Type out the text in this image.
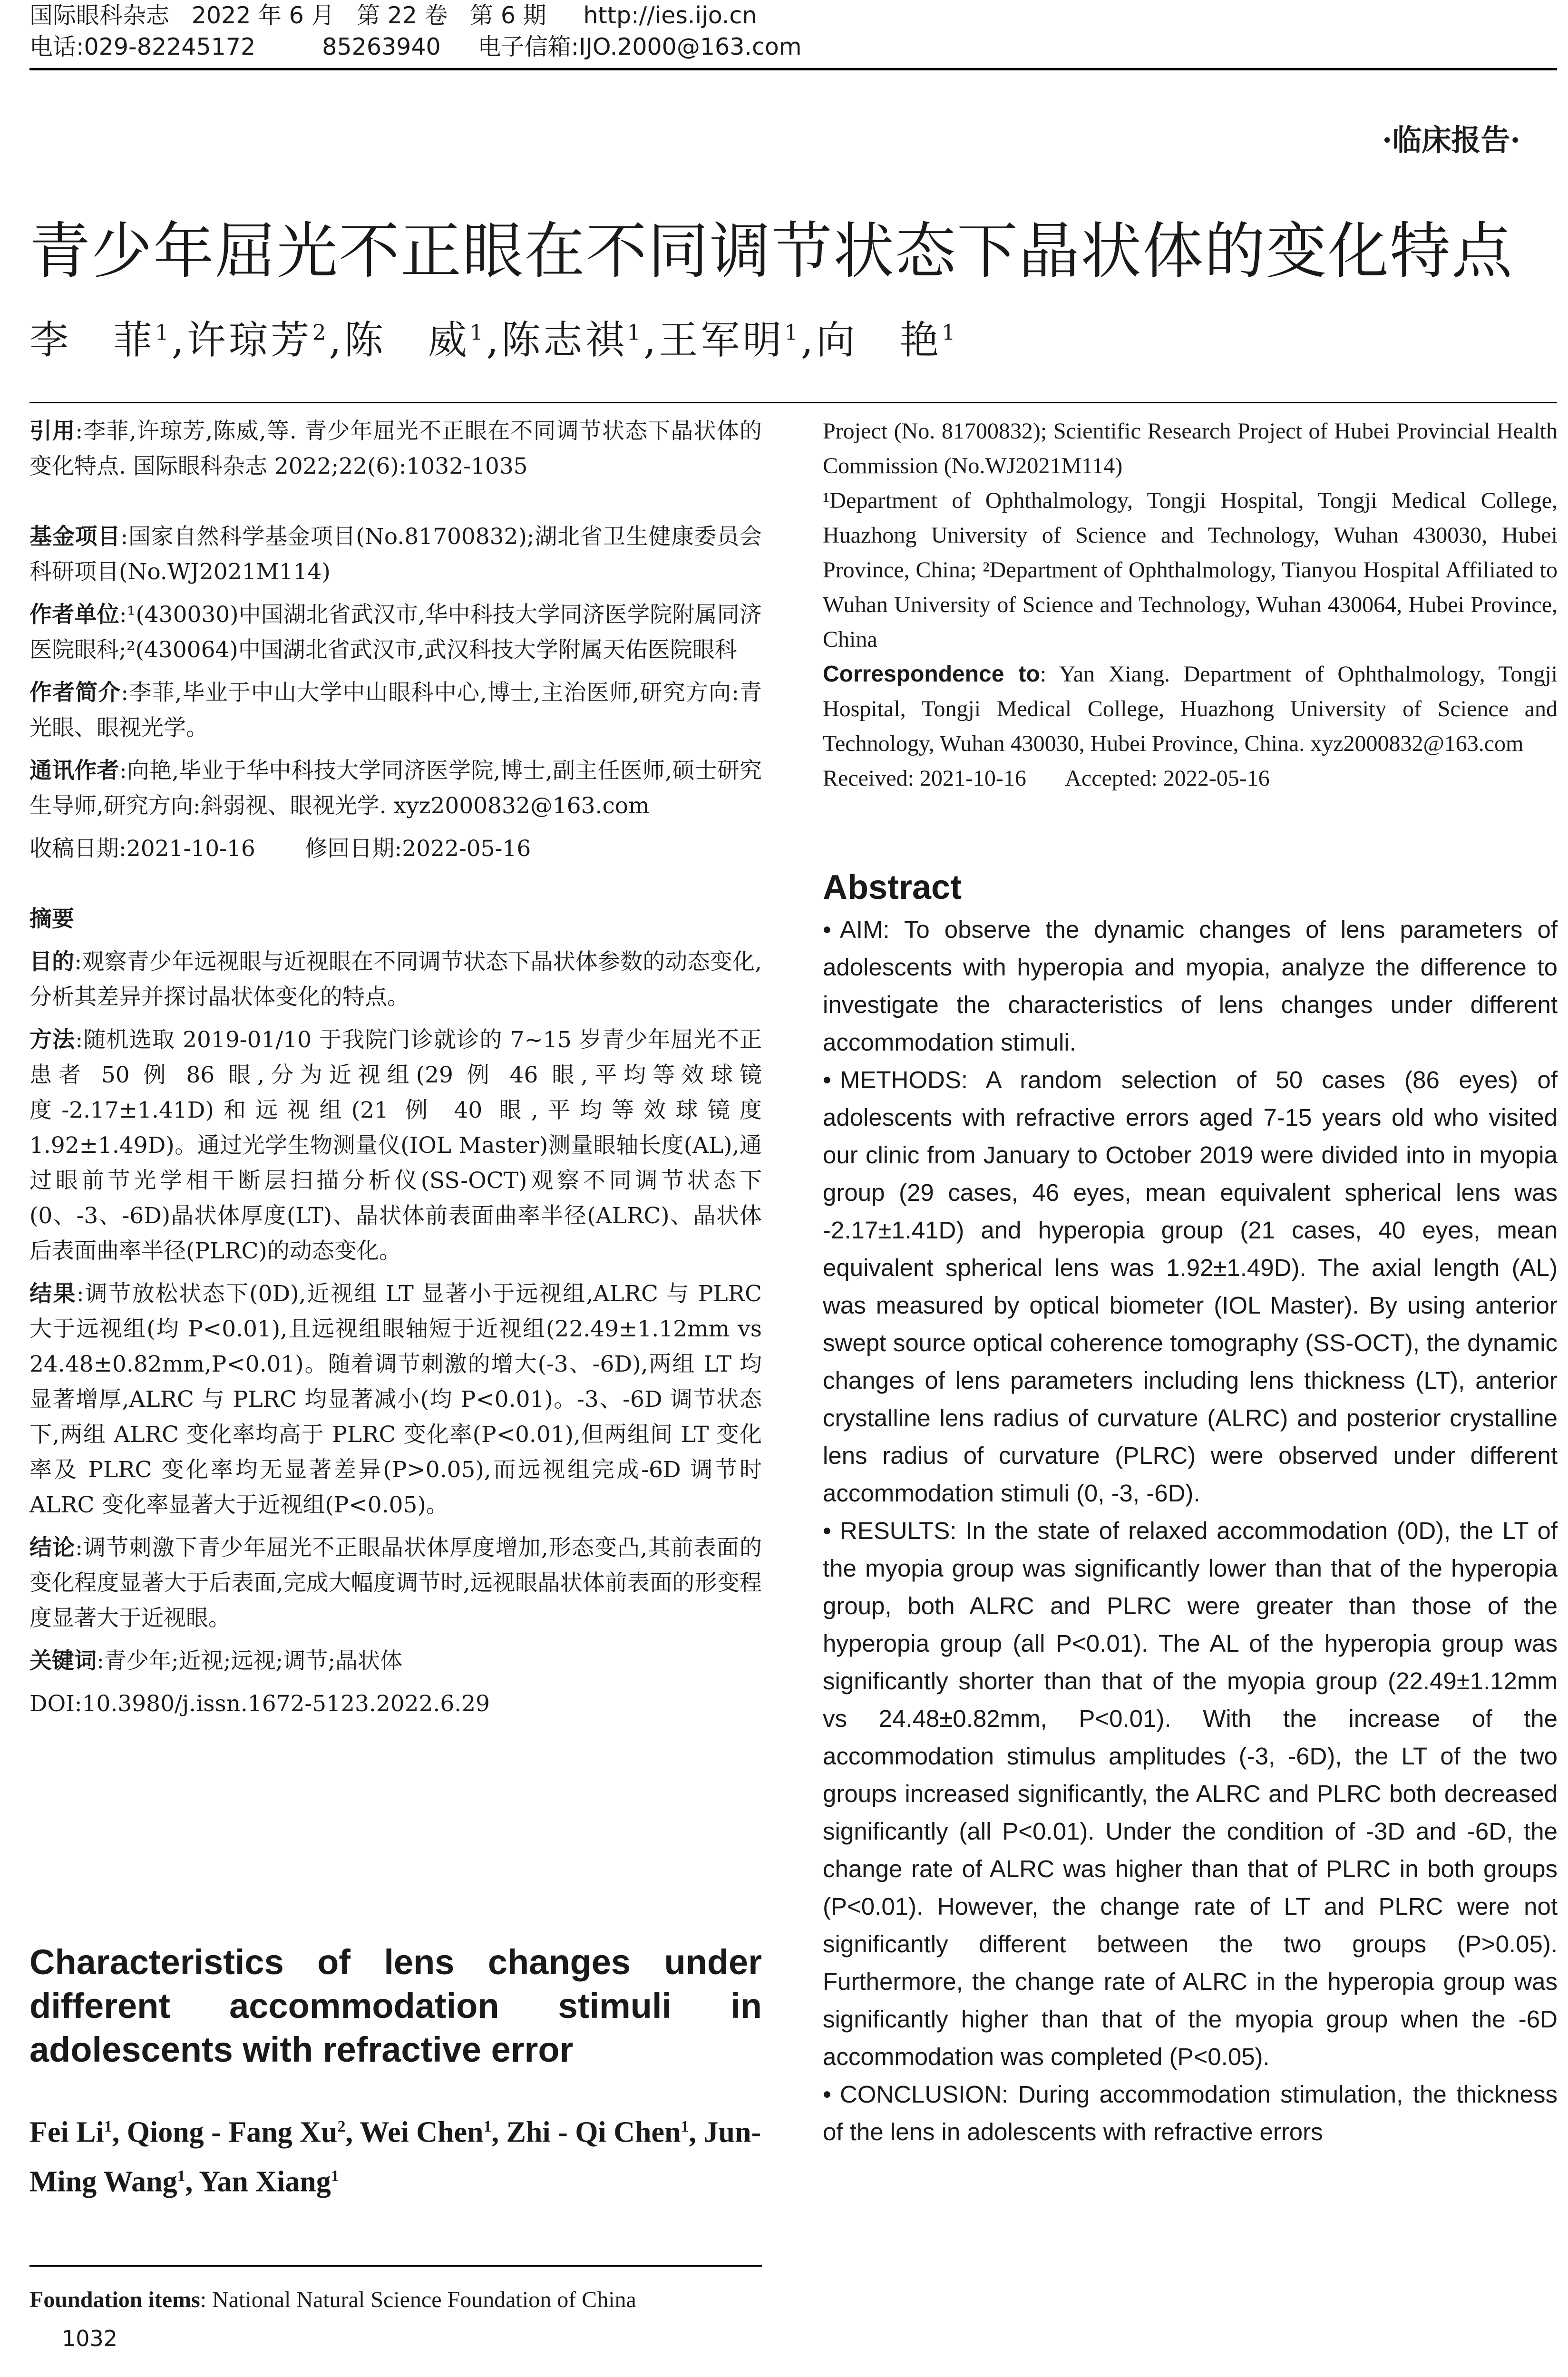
国际眼科杂志   2022 年 6 月   第 22 卷   第 6 期     http://ies.ijo.cn
电话:029-82245172         85263940     电子信箱:IJO.2000@163.com
·临床报告·
青少年屈光不正眼在不同调节状态下晶状体的变化特点
李　菲$^1$,许琼芳$^2$,陈　威$^1$,陈志祺$^1$,王军明$^1$,向　艳$^1$

引用:李菲,许琼芳,陈威,等. 青少年屈光不正眼在不同调节状态下晶状体的变化特点. 国际眼科杂志 2022;22(6):1032-1035

基金项目:国家自然科学基金项目(No.81700832);湖北省卫生健康委员会科研项目(No.WJ2021M114)

作者单位:¹(430030)中国湖北省武汉市,华中科技大学同济医学院附属同济医院眼科;²(430064)中国湖北省武汉市,武汉科技大学附属天佑医院眼科

作者简介:李菲,毕业于中山大学中山眼科中心,博士,主治医师,研究方向:青光眼、眼视光学。

通讯作者:向艳,毕业于华中科技大学同济医学院,博士,副主任医师,硕士研究生导师,研究方向:斜弱视、眼视光学. xyz2000832@163.com

收稿日期:2021-10-16       修回日期:2022-05-16

摘要

目的:观察青少年远视眼与近视眼在不同调节状态下晶状体参数的动态变化,分析其差异并探讨晶状体变化的特点。

方法:随机选取 2019-01/10 于我院门诊就诊的 7~15 岁青少年屈光不正患者 50 例 86 眼,分为近视组(29 例 46 眼,平均等效球镜度-2.17±1.41D)和远视组(21 例 40 眼,平均等效球镜度 1.92±1.49D)。通过光学生物测量仪(IOL Master)测量眼轴长度(AL),通过眼前节光学相干断层扫描分析仪(SS-OCT)观察不同调节状态下(0、-3、-6D)晶状体厚度(LT)、晶状体前表面曲率半径(ALRC)、晶状体后表面曲率半径(PLRC)的动态变化。

结果:调节放松状态下(0D),近视组 LT 显著小于远视组,ALRC 与 PLRC 大于远视组(均 P<0.01),且远视组眼轴短于近视组(22.49±1.12mm vs 24.48±0.82mm,P<0.01)。随着调节刺激的增大(-3、-6D),两组 LT 均显著增厚,ALRC 与 PLRC 均显著减小(均 P<0.01)。-3、-6D 调节状态下,两组 ALRC 变化率均高于 PLRC 变化率(P<0.01),但两组间 LT 变化率及 PLRC 变化率均无显著差异(P>0.05),而远视组完成-6D 调节时 ALRC 变化率显著大于近视组(P<0.05)。

结论:调节刺激下青少年屈光不正眼晶状体厚度增加,形态变凸,其前表面的变化程度显著大于后表面,完成大幅度调节时,远视眼晶状体前表面的形变程度显著大于近视眼。

关键词:青少年;近视;远视;调节;晶状体

DOI:10.3980/j.issn.1672-5123.2022.6.29

Characteristics of lens changes under different accommodation stimuli in adolescents with refractive error
Fei Li$^1$, Qiong - Fang Xu$^2$, Wei Chen$^1$, Zhi - Qi Chen$^1$, Jun-Ming Wang$^1$, Yan Xiang$^1$
Foundation items: National Natural Science Foundation of China

Project (No. 81700832); Scientific Research Project of Hubei Provincial Health Commission (No.WJ2021M114)

¹Department of Ophthalmology, Tongji Hospital, Tongji Medical College, Huazhong University of Science and Technology, Wuhan 430030, Hubei Province, China; ²Department of Ophthalmology, Tianyou Hospital Affiliated to Wuhan University of Science and Technology, Wuhan 430064, Hubei Province, China

Correspondence to: Yan Xiang. Department of Ophthalmology, Tongji Hospital, Tongji Medical College, Huazhong University of Science and Technology, Wuhan 430030, Hubei Province, China. xyz2000832@163.com

Received: 2021-10-16       Accepted: 2022-05-16

Abstract

• AIM: To observe the dynamic changes of lens parameters of adolescents with hyperopia and myopia, analyze the difference to investigate the characteristics of lens changes under different accommodation stimuli.

• METHODS: A random selection of 50 cases (86 eyes) of adolescents with refractive errors aged 7-15 years old who visited our clinic from January to October 2019 were divided into in myopia group (29 cases, 46 eyes, mean equivalent spherical lens was -2.17±1.41D) and hyperopia group (21 cases, 40 eyes, mean equivalent spherical lens was 1.92±1.49D). The axial length (AL) was measured by optical biometer (IOL Master). By using anterior swept source optical coherence tomography (SS-OCT), the dynamic changes of lens parameters including lens thickness (LT), anterior crystalline lens radius of curvature (ALRC) and posterior crystalline lens radius of curvature (PLRC) were observed under different accommodation stimuli (0, -3, -6D).

• RESULTS: In the state of relaxed accommodation (0D), the LT of the myopia group was significantly lower than that of the hyperopia group, both ALRC and PLRC were greater than those of the hyperopia group (all P<0.01). The AL of the hyperopia group was significantly shorter than that of the myopia group (22.49±1.12mm vs 24.48±0.82mm, P<0.01). With the increase of the accommodation stimulus amplitudes (-3, -6D), the LT of the two groups increased significantly, the ALRC and PLRC both decreased significantly (all P<0.01). Under the condition of -3D and -6D, the change rate of ALRC was higher than that of PLRC in both groups (P<0.01). However, the change rate of LT and PLRC were not significantly different between the two groups (P>0.05). Furthermore, the change rate of ALRC in the hyperopia group was significantly higher than that of the myopia group when the -6D accommodation was completed (P<0.05).

• CONCLUSION: During accommodation stimulation, the thickness of the lens in adolescents with refractive errors

1032
